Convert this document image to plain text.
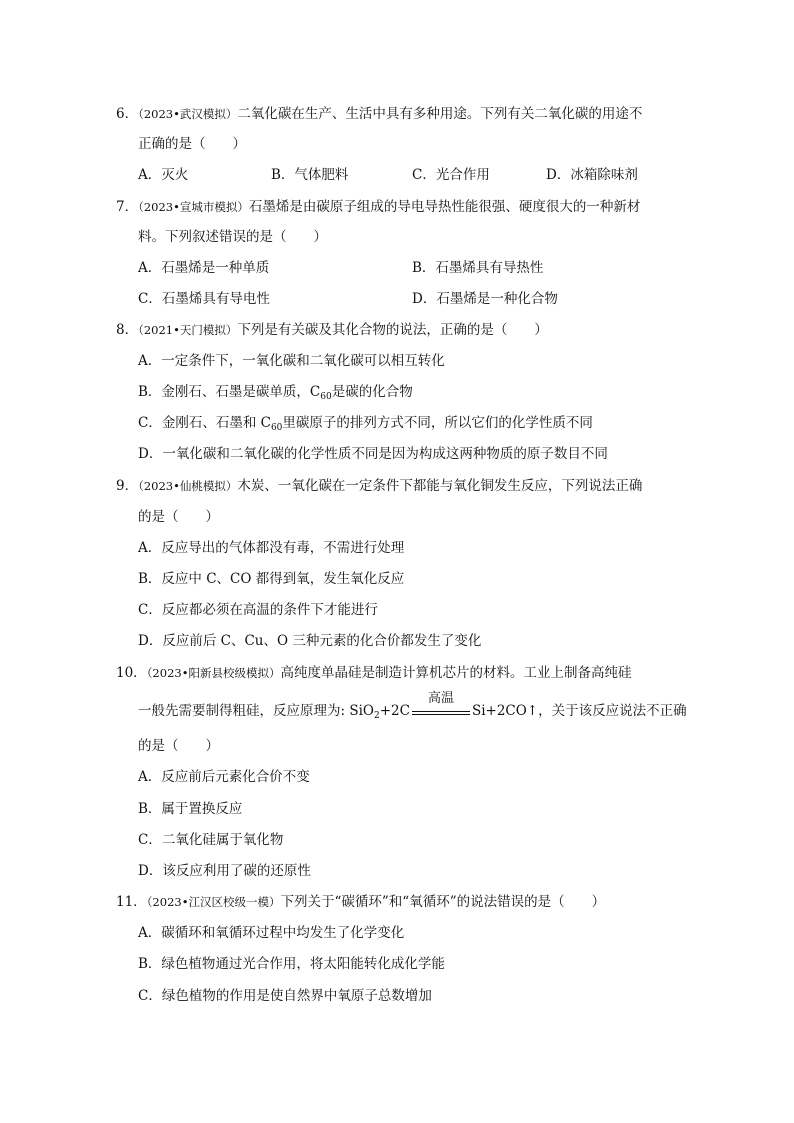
6．（2023•武汉模拟）二氧化碳在生产、生活中具有多种用途。下列有关二氧化碳的用途不
正确的是（　　）
A．灭火	B．气体肥料	C．光合作用	D．冰箱除味剂
7．（2023•宣城市模拟）石墨烯是由碳原子组成的导电导热性能很强、硬度很大的一种新材
料。下列叙述错误的是（　　）
A．石墨烯是一种单质	B．石墨烯具有导热性
C．石墨烯具有导电性	D．石墨烯是一种化合物
8．（2021•天门模拟）下列是有关碳及其化合物的说法，正确的是（　　）
A．一定条件下，一氧化碳和二氧化碳可以相互转化
B．金刚石、石墨是碳单质，$C_{60}$是碳的化合物
C．金刚石、石墨和 $C_{60}$里碳原子的排列方式不同，所以它们的化学性质不同
D．一氧化碳和二氧化碳的化学性质不同是因为构成这两种物质的原子数目不同
9．（2023•仙桃模拟）木炭、一氧化碳在一定条件下都能与氧化铜发生反应，下列说法正确
的是（　　）
A．反应导出的气体都没有毒，不需进行处理
B．反应中 C、CO 都得到氧，发生氧化反应
C．反应都必须在高温的条件下才能进行
D．反应前后 C、Cu、O 三种元素的化合价都发生了变化
10．（2023•阳新县校级模拟）高纯度单晶硅是制造计算机芯片的材料。工业上制备高纯硅
一般先需要制得粗硅，反应原理为: SiO$_2$+2C
高温
Si+2CO↑，关于该反应说法不正确
的是（　　）
A．反应前后元素化合价不变
B．属于置换反应
C．二氧化硅属于氧化物
D．该反应利用了碳的还原性
11．（2023•江汉区校级一模）下列关于“碳循环”和“氧循环”的说法错误的是（　　）
A．碳循环和氧循环过程中均发生了化学变化
B．绿色植物通过光合作用，将太阳能转化成化学能
C．绿色植物的作用是使自然界中氧原子总数增加
